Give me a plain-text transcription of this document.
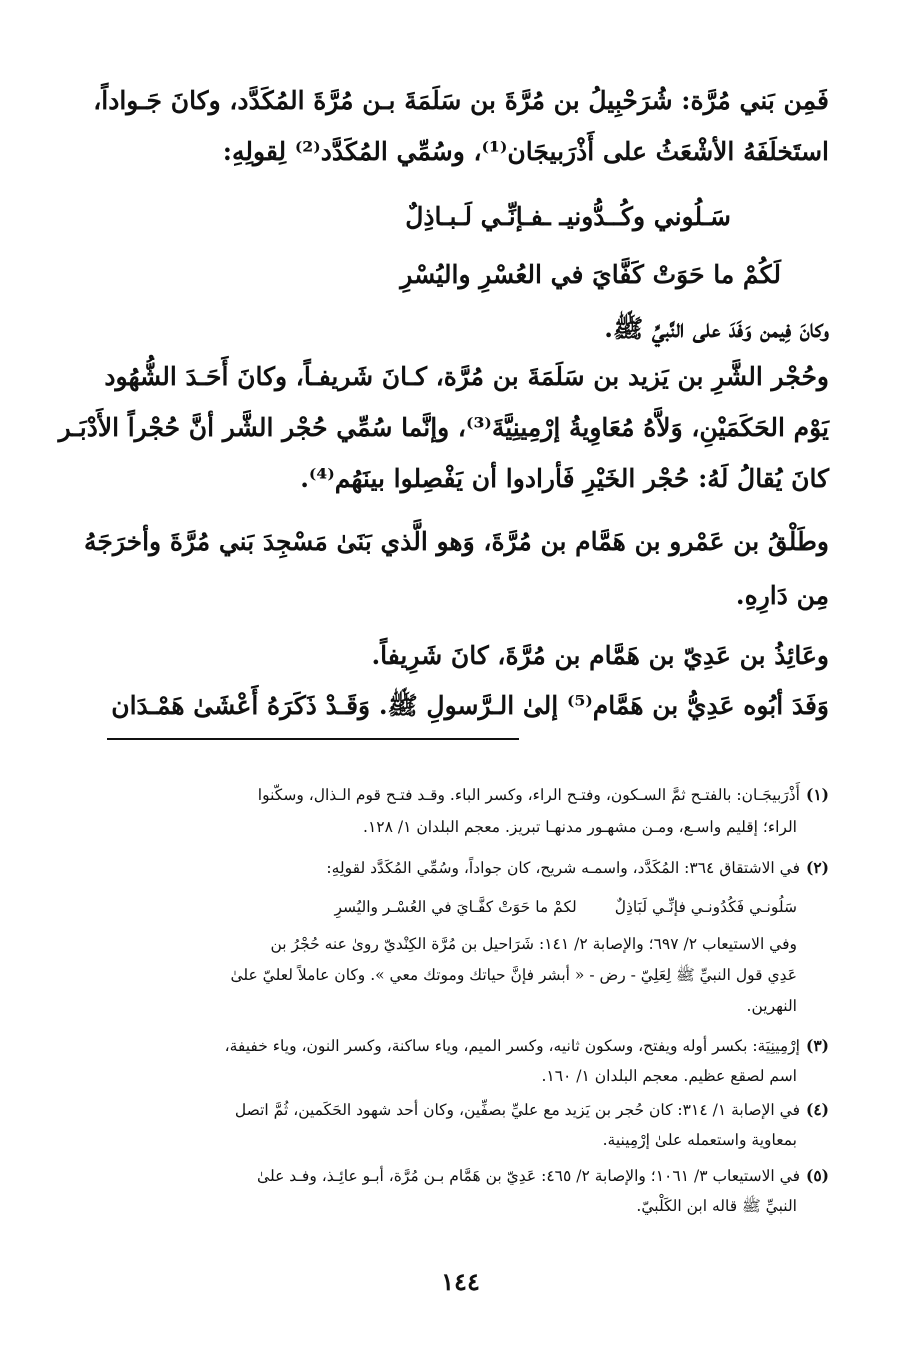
فَمِن بَني مُرَّة: شُرَحْبِيلُ بن مُرَّةَ بن سَلَمَةَ بـن مُرَّةَ المُكَدَّد، وكانَ جَـواداً،
استَخلَفَهُ الأشْعَثُ على أَذْرَبيجَان⁽¹⁾، وسُمِّي المُكَدَّد⁽²⁾ لِقولِهِ:
سَـلُوني وكُــدُّونيـ ـفـإنِّـي لَـبـاذِلٌ
لَكُمْ ما حَوَتْ كَفَّايَ في العُسْرِ واليُسْرِ
وكانَ فِيمن وَفَدَ على النَّبيِّ ﷺ.
وحُجْر الشَّرِ بن يَزيد بن سَلَمَةَ بن مُرَّة، كـانَ شَريفـاً، وكانَ أَحَـدَ الشُّهُود
يَوْم الحَكَمَيْنِ، وَلاَّهُ مُعَاوِيةُ إرْمِينِيَّةَ⁽³⁾، وإنَّما سُمِّي حُجْر الشَّر أنَّ حُجْراً الأَدْبَـر
كانَ يُقالُ لَهُ: حُجْر الخَيْرِ فَأرادوا أن يَفْصِلوا بينَهُم⁽⁴⁾.
وطَلْقُ بن عَمْرو بن هَمَّام بن مُرَّةَ، وَهو الَّذي بَنَىٰ مَسْجِدَ بَني مُرَّةَ وأخرَجَهُ
مِن دَارِهِ.
وعَائِذُ بن عَدِيّ بن هَمَّام بن مُرَّةَ، كانَ شَرِيفاً.
وَفَدَ أبُوه عَدِيُّ بن هَمَّام⁽⁵⁾ إلىٰ الـرَّسولِ ﷺ. وَقَـدْ ذَكَرَهُ أَعْشَىٰ هَمْـدَان
(١)أَذْرَبيجَـان: بالفتـح ثمَّ السـكون، وفتـح الراء، وكسر الباء. وقـد فتـح قوم الـذال، وسكّنوا
الراء؛ إقليم واسـع، ومـن مشهـور مدنهـا تبريز. معجم البلدان ١/ ١٢٨.
(٢)في الاشتقاق ٣٦٤: المُكَدَّد، واسمـه شريح، كان جواداً، وسُمِّي المُكَدَّد لقولِهِ:
سَلُونـي فَكُدُونـي فإنِّـي لَبَاذِلٌلكمْ ما حَوَتْ كفَّـايَ في العُسْـر واليُسرِ
وفي الاستيعاب ٢/ ٦٩٧؛ والإصابة ٢/ ١٤١: شَرَاحيل بن مُرَّة الكِنْديّ روىٰ عنه حُجْرُ بن
عَدِي قول النبيِّ ﷺ لِعَلِيّ - رض - « أبشر فإنَّ حياتك وموتك معي ». وكان عاملاً لعليّ علىٰ
النهرين.
(٣)إرْمِينِيَة: بكسر أوله ويفتح، وسكون ثانيه، وكسر الميم، وياء ساكنة، وكسر النون، وياء خفيفة،
اسم لصقع عظيم. معجم البلدان ١/ ١٦٠.
(٤)في الإصابة ١/ ٣١٤: كان حُجر بن يَزيد مع عليِّ بصفِّين، وكان أحد شهود الحَكَمين، ثُمَّ اتصل
بمعاوية واستعمله علىٰ إرْمِينية.
(٥)في الاستيعاب ٣/ ١٠٦١؛ والإصابة ٢/ ٤٦٥: عَدِيّ بن هَمَّام بـن مُرَّة، أبـو عائِـذ، وفـد علىٰ
النبيِّ ﷺ قاله ابن الكَلْبيّ.
١٤٤
